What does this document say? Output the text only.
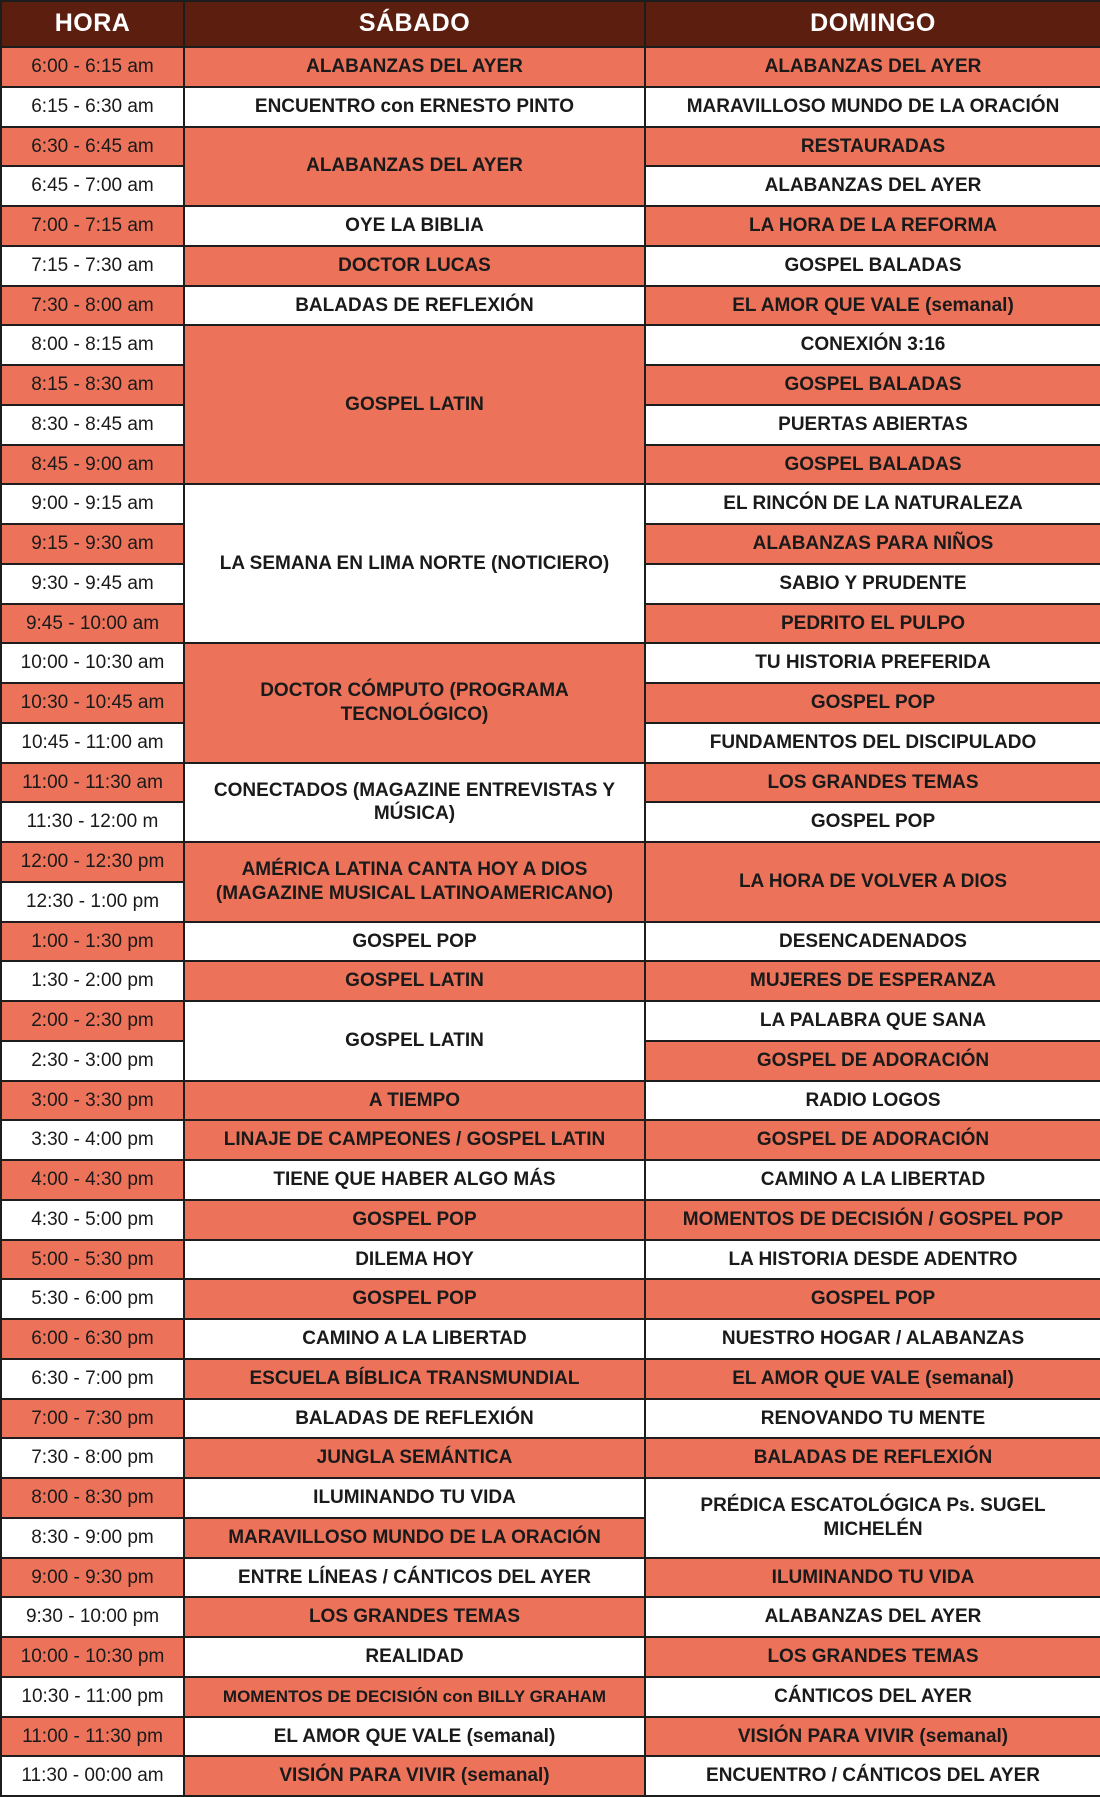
HORA	SÁBADO	DOMINGO
6:00 - 6:15 am	ALABANZAS DEL AYER	ALABANZAS DEL AYER
6:15 - 6:30 am	ENCUENTRO con ERNESTO PINTO	MARAVILLOSO MUNDO DE LA ORACIÓN
6:30 - 6:45 am	ALABANZAS DEL AYER	RESTAURADAS
6:45 - 7:00 am		ALABANZAS DEL AYER
7:00 - 7:15 am	OYE LA BIBLIA	LA HORA DE LA REFORMA
7:15 - 7:30 am	DOCTOR LUCAS	GOSPEL BALADAS
7:30 - 8:00 am	BALADAS DE REFLEXIÓN	EL AMOR QUE VALE (semanal)
8:00 - 8:15 am	GOSPEL LATIN	CONEXIÓN 3:16
8:15 - 8:30 am		GOSPEL BALADAS
8:30 - 8:45 am		PUERTAS ABIERTAS
8:45 - 9:00 am		GOSPEL BALADAS
9:00 - 9:15 am	LA SEMANA EN LIMA NORTE (NOTICIERO)	EL RINCÓN DE LA NATURALEZA
9:15 - 9:30 am		ALABANZAS PARA NIÑOS
9:30 - 9:45 am		SABIO Y PRUDENTE
9:45 - 10:00 am		PEDRITO EL PULPO
10:00 - 10:30 am	DOCTOR CÓMPUTO (PROGRAMA TECNOLÓGICO)	TU HISTORIA PREFERIDA
10:30 - 10:45 am		GOSPEL POP
10:45 - 11:00 am		FUNDAMENTOS DEL DISCIPULADO
11:00 - 11:30 am	CONECTADOS (MAGAZINE ENTREVISTAS Y MÚSICA)	LOS GRANDES TEMAS
11:30 - 12:00 m		GOSPEL POP
12:00 - 12:30 pm	AMÉRICA LATINA CANTA HOY A DIOS (MAGAZINE MUSICAL LATINOAMERICANO)	LA HORA DE VOLVER A DIOS
12:30 - 1:00 pm		
1:00 - 1:30 pm	GOSPEL POP	DESENCADENADOS
1:30 - 2:00 pm	GOSPEL LATIN	MUJERES DE ESPERANZA
2:00 - 2:30 pm	GOSPEL LATIN	LA PALABRA QUE SANA
2:30 - 3:00 pm		GOSPEL DE ADORACIÓN
3:00 - 3:30 pm	A TIEMPO	RADIO LOGOS
3:30 - 4:00 pm	LINAJE DE CAMPEONES / GOSPEL LATIN	GOSPEL DE ADORACIÓN
4:00 - 4:30 pm	TIENE QUE HABER ALGO MÁS	CAMINO A LA LIBERTAD
4:30 - 5:00 pm	GOSPEL POP	MOMENTOS DE DECISIÓN / GOSPEL POP
5:00 - 5:30 pm	DILEMA HOY	LA HISTORIA DESDE ADENTRO
5:30 - 6:00 pm	GOSPEL POP	GOSPEL POP
6:00 - 6:30 pm	CAMINO A LA LIBERTAD	NUESTRO HOGAR / ALABANZAS
6:30 - 7:00 pm	ESCUELA BÍBLICA TRANSMUNDIAL	EL AMOR QUE VALE (semanal)
7:00 - 7:30 pm	BALADAS DE REFLEXIÓN	RENOVANDO TU MENTE
7:30 - 8:00 pm	JUNGLA SEMÁNTICA	BALADAS DE REFLEXIÓN
8:00 - 8:30 pm	ILUMINANDO TU VIDA	PRÉDICA ESCATOLÓGICA Ps. SUGEL MICHELÉN
8:30 - 9:00 pm	MARAVILLOSO MUNDO DE LA ORACIÓN	
9:00 - 9:30 pm	ENTRE LÍNEAS / CÁNTICOS DEL AYER	ILUMINANDO TU VIDA
9:30 - 10:00 pm	LOS GRANDES TEMAS	ALABANZAS DEL AYER
10:00 - 10:30 pm	REALIDAD	LOS GRANDES TEMAS
10:30 - 11:00 pm	MOMENTOS DE DECISIÓN con BILLY GRAHAM	CÁNTICOS DEL AYER
11:00 - 11:30 pm	EL AMOR QUE VALE (semanal)	VISIÓN PARA VIVIR (semanal)
11:30 - 00:00 am	VISIÓN PARA VIVIR (semanal)	ENCUENTRO / CÁNTICOS DEL AYER
